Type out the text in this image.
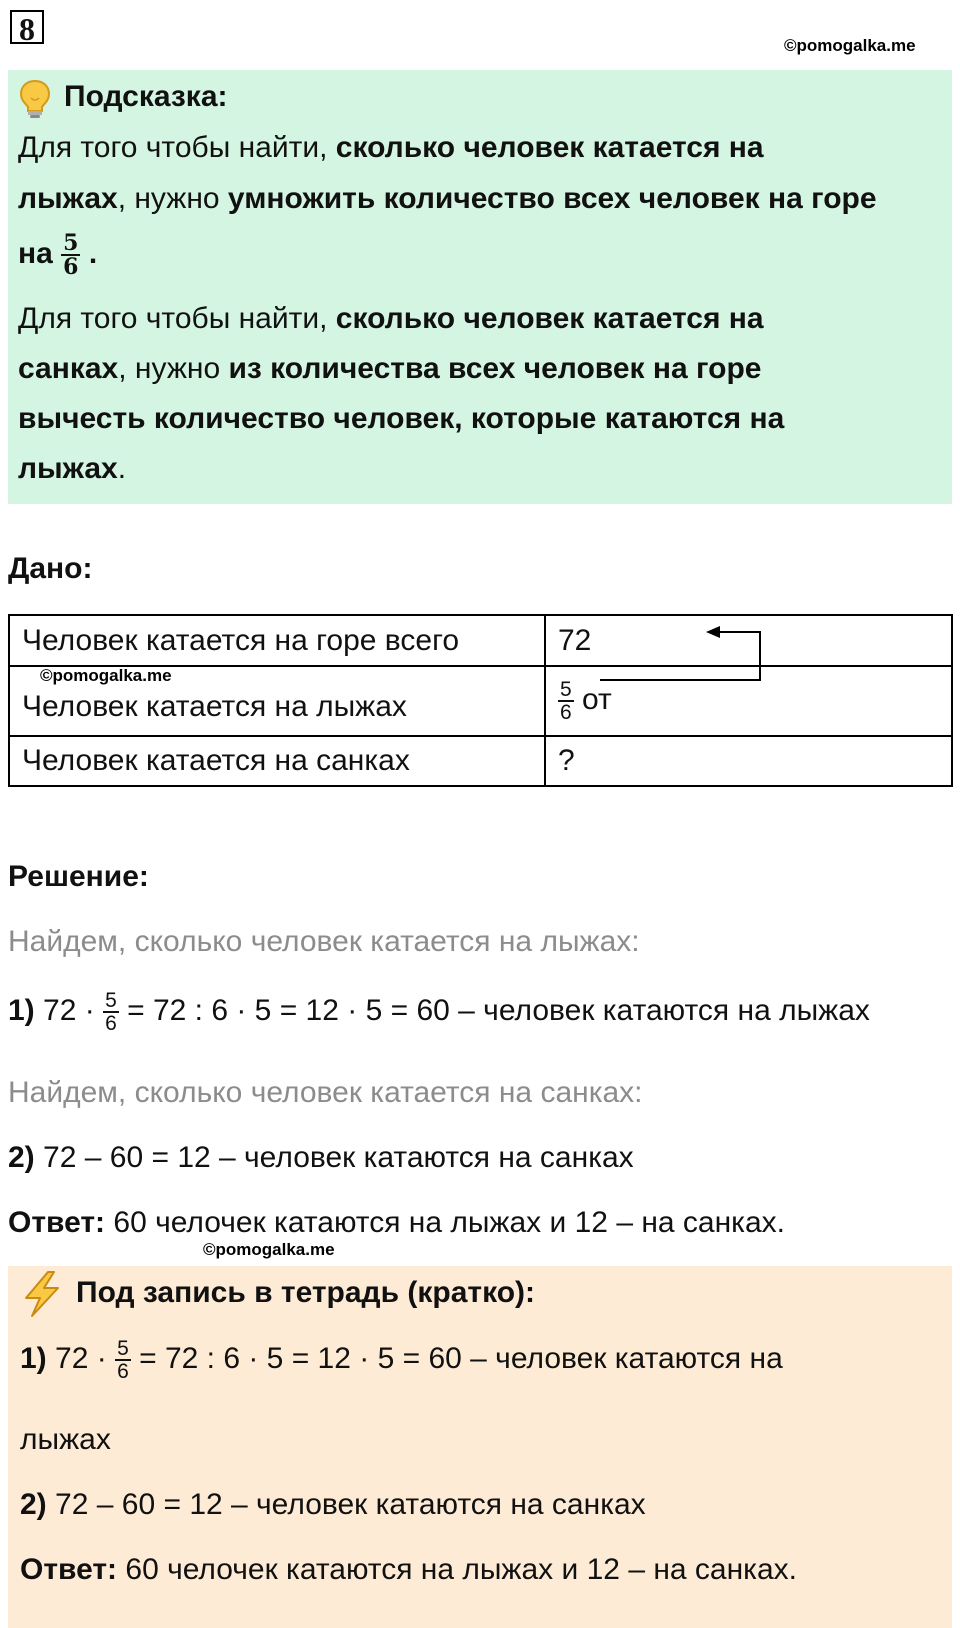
8	©pomogalka.me
Подсказка:
Для того чтобы найти, сколько человек катается на
лыжах, нужно умножить количество всех человек на горе
на $\frac{5}{6}$ .
Для того чтобы найти, сколько человек катается на
санках, нужно из количества всех человек на горе
вычесть количество человек, которые катаются на
лыжах.
Дано:
Человек катается на горе всего	72
Человек катается на лыжах	$\frac{5}{6}$ от
Человек катается на санках	?
©pomogalka.me
Решение:
Найдем, сколько человек катается на лыжах:
1) $72 \cdot \frac{5}{6} = 72$ : 6 · 5 = 12 · 5 = 60 – человек катаются на лыжах
Найдем, сколько человек катается на санках:
2) 72 – 60 = 12 – человек катаются на санках
Ответ: 60 челочек катаются на лыжах и 12 – на санках.
©pomogalka.me
Под запись в тетрадь (кратко):
1) $72 \cdot \frac{5}{6} = 72$ : 6 · 5 = 12 · 5 = 60 – человек катаются на
лыжах
2) 72 – 60 = 12 – человек катаются на санках
Ответ: 60 челочек катаются на лыжах и 12 – на санках.
